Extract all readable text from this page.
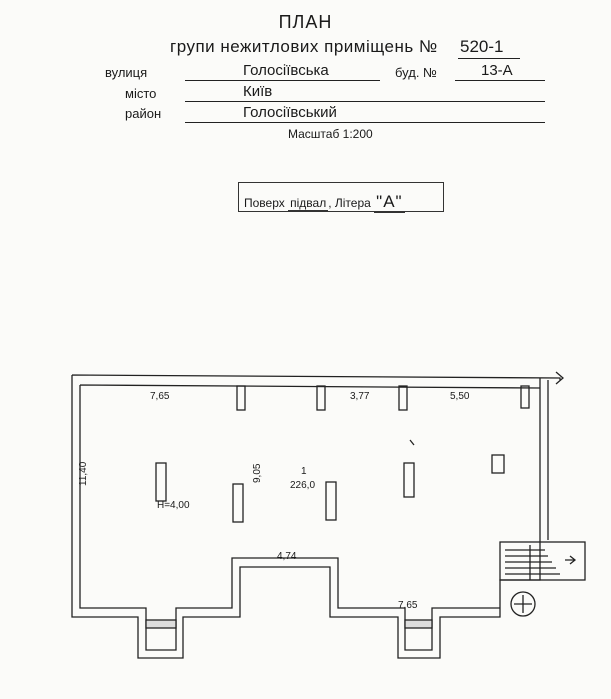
ПЛАН
групи нежитлових приміщень № 520-1
вулиця	Голосіївська	буд. №	13-А
місто	Київ
район	Голосіївський
Масштаб 1:200
Поверх підвал , Літера "А"
7,65	3,77	5,50
11,40	9,05
4,74
7,65
1
226,0
Н=4,00
